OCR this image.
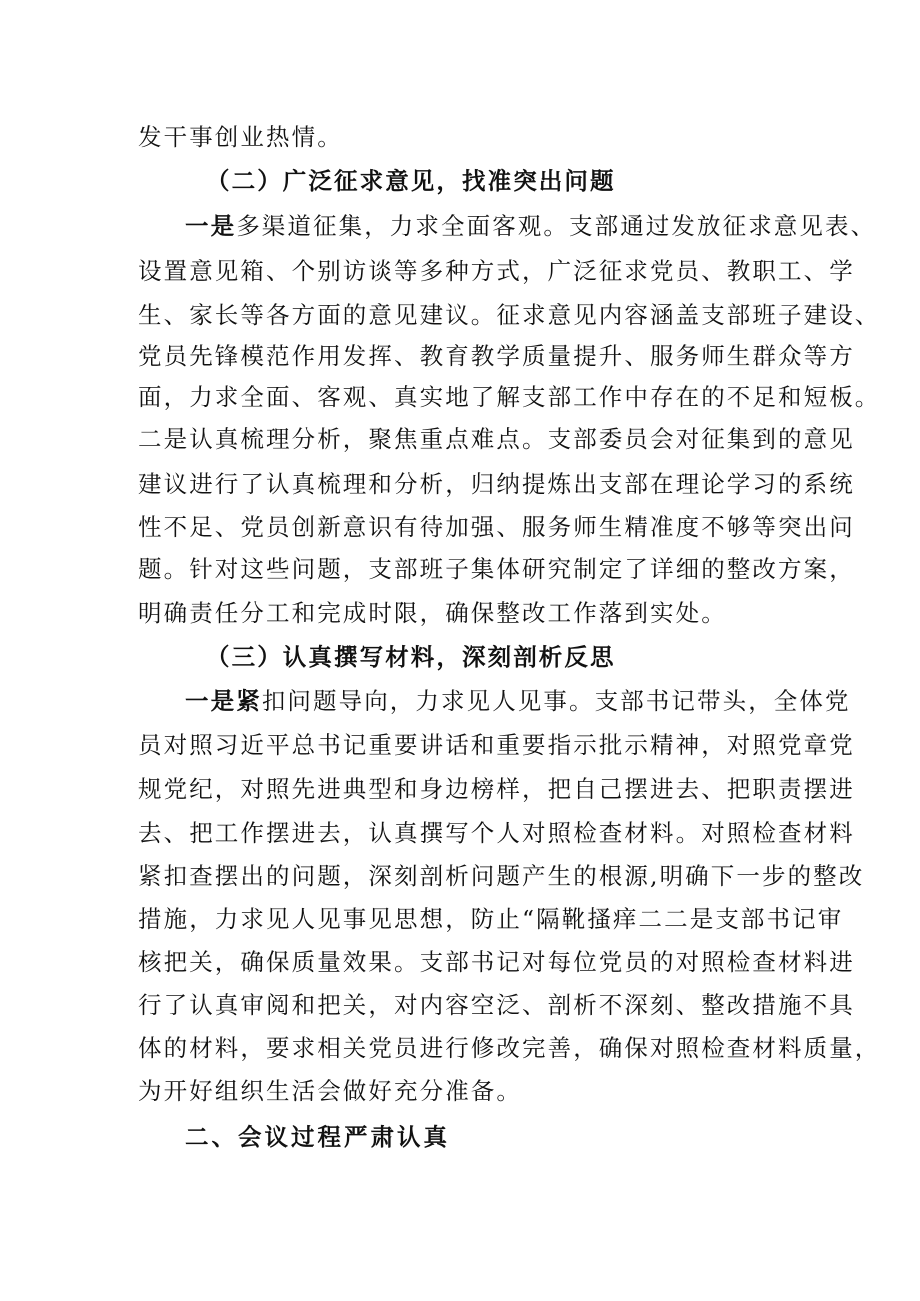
发干事创业热情。
（二）广泛征求意见，找准突出问题
一是多渠道征集，力求全面客观。支部通过发放征求意见表、
设置意见箱、个别访谈等多种方式，广泛征求党员、教职工、学
生、家长等各方面的意见建议。征求意见内容涵盖支部班子建设、
党员先锋模范作用发挥、教育教学质量提升、服务师生群众等方
面，力求全面、客观、真实地了解支部工作中存在的不足和短板。
二是认真梳理分析，聚焦重点难点。支部委员会对征集到的意见
建议进行了认真梳理和分析，归纳提炼出支部在理论学习的系统
性不足、党员创新意识有待加强、服务师生精准度不够等突出问
题。针对这些问题，支部班子集体研究制定了详细的整改方案，
明确责任分工和完成时限，确保整改工作落到实处。
（三）认真撰写材料，深刻剖析反思
一是紧扣问题导向，力求见人见事。支部书记带头，全体党
员对照习近平总书记重要讲话和重要指示批示精神，对照党章党
规党纪，对照先进典型和身边榜样，把自己摆进去、把职责摆进
去、把工作摆进去，认真撰写个人对照检查材料。对照检查材料
紧扣查摆出的问题，深刻剖析问题产生的根源,明确下一步的整改
措施，力求见人见事见思想，防止“隔靴搔痒二二是支部书记审
核把关，确保质量效果。支部书记对每位党员的对照检查材料进
行了认真审阅和把关，对内容空泛、剖析不深刻、整改措施不具
体的材料，要求相关党员进行修改完善，确保对照检查材料质量，
为开好组织生活会做好充分准备。
二、会议过程严肃认真
